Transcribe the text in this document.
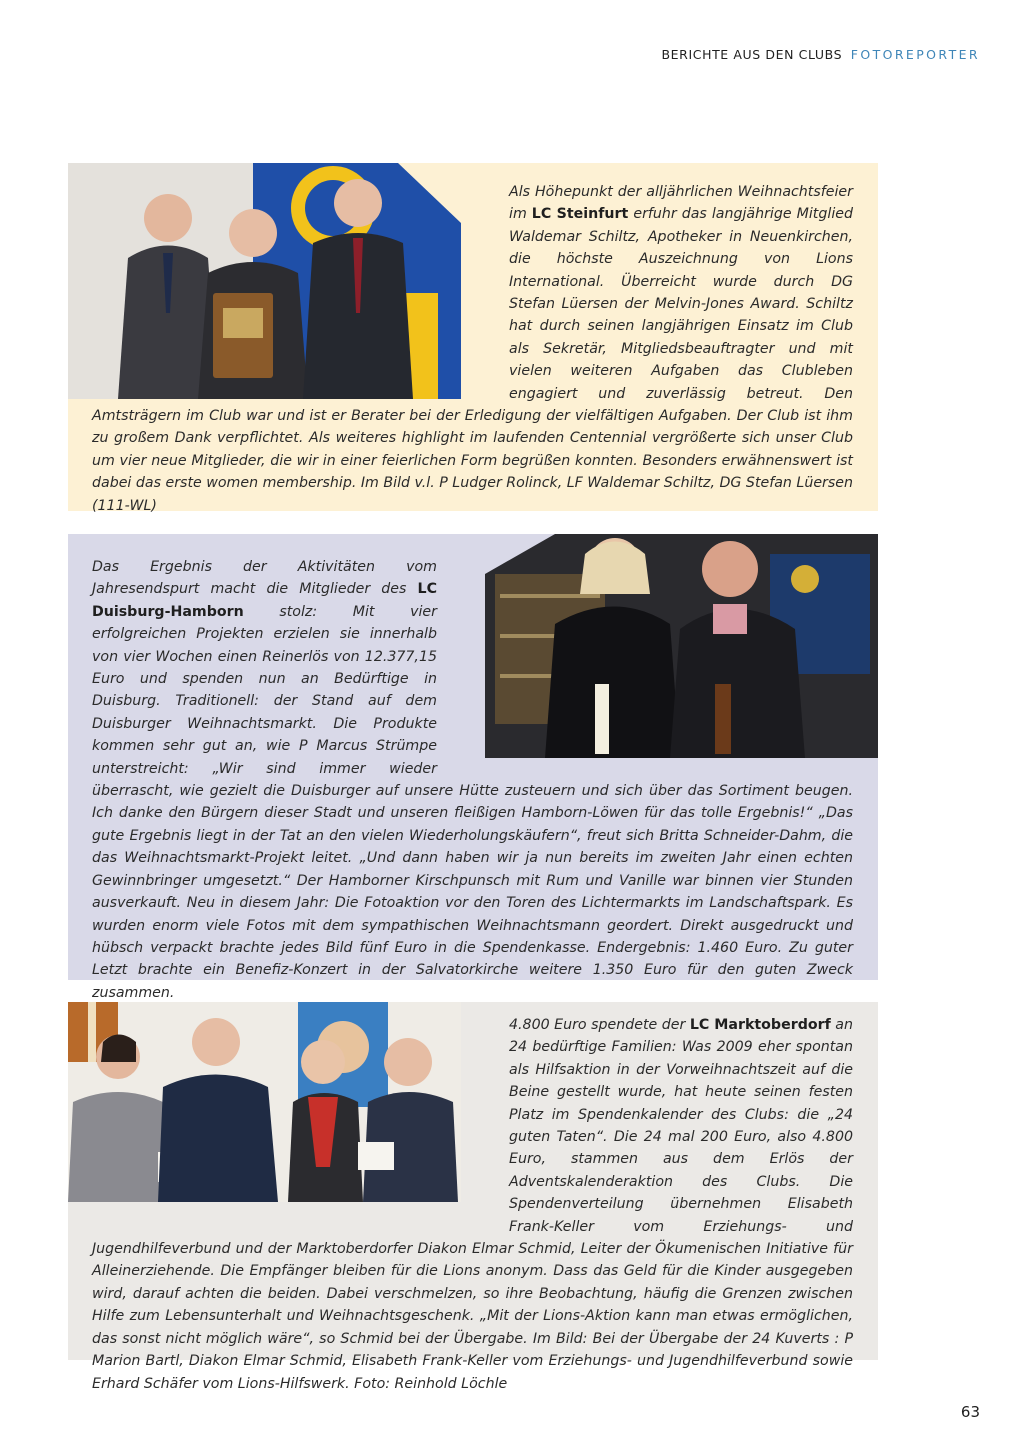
BERICHTE AUS DEN CLUBS FOTOREPORTER
Als Höhepunkt der alljährlichen Weihnachtsfeier im LC Steinfurt erfuhr das langjährige Mitglied Waldemar Schiltz, Apotheker in Neuenkirchen, die höchste Auszeichnung von Lions International. Überreicht wurde durch DG Stefan Lüersen der Melvin-Jones Award. Schiltz hat durch seinen langjährigen Einsatz im Club als Sekretär, Mitgliedsbeauftragter und mit vielen weiteren Aufgaben das Clubleben engagiert und zuverlässig betreut. Den Amtsträgern im Club war und ist er Berater bei der Erledigung der vielfältigen Aufgaben. Der Club ist ihm zu großem Dank verpflichtet. Als weiteres highlight im laufenden Centennial vergrößerte sich unser Club um vier neue Mitglieder, die wir in einer feierlichen Form begrüßen konnten. Besonders erwähnenswert ist dabei das erste women membership. Im Bild v.l. P Ludger Rolinck, LF Waldemar Schiltz, DG Stefan Lüersen (111-WL)
Das Ergebnis der Aktivitäten vom Jahresendspurt macht die Mitglieder des LC Duisburg-Hamborn stolz: Mit vier erfolgreichen Projekten erzielen sie innerhalb von vier Wochen einen Reinerlös von 12.377,15 Euro und spenden nun an Bedürftige in Duisburg. Traditionell: der Stand auf dem Duisburger Weihnachtsmarkt. Die Produkte kommen sehr gut an, wie P Marcus Strümpe unterstreicht: „Wir sind immer wieder überrascht, wie gezielt die Duisburger auf unsere Hütte zusteuern und sich über das Sortiment beugen. Ich danke den Bürgern dieser Stadt und unseren fleißigen Hamborn-Löwen für das tolle Ergebnis!“ „Das gute Ergebnis liegt in der Tat an den vielen Wiederholungskäufern“, freut sich Britta Schneider-Dahm, die das Weihnachtsmarkt-Projekt leitet. „Und dann haben wir ja nun bereits im zweiten Jahr einen echten Gewinnbringer umgesetzt.“ Der Hamborner Kirschpunsch mit Rum und Vanille war binnen vier Stunden ausverkauft. Neu in diesem Jahr: Die Fotoaktion vor den Toren des Lichtermarkts im Landschaftspark. Es wurden enorm viele Fotos mit dem sympathischen Weihnachtsmann geordert. Direkt ausgedruckt und hübsch verpackt brachte jedes Bild fünf Euro in die Spendenkasse. Endergebnis: 1.460 Euro. Zu guter Letzt brachte ein Benefiz-Konzert in der Salvatorkirche weitere 1.350 Euro für den guten Zweck zusammen.
4.800 Euro spendete der LC Marktoberdorf an 24 bedürftige Familien: Was 2009 eher spontan als Hilfsaktion in der Vorweihnachtszeit auf die Beine gestellt wurde, hat heute seinen festen Platz im Spendenkalender des Clubs: die „24 guten Taten“. Die 24 mal 200 Euro, also 4.800 Euro, stammen aus dem Erlös der Adventskalenderaktion des Clubs. Die Spendenverteilung übernehmen Elisabeth Frank-Keller vom Erziehungs- und Jugendhilfeverbund und der Marktoberdorfer Diakon Elmar Schmid, Leiter der Ökumenischen Initiative für Alleinerziehende. Die Empfänger bleiben für die Lions anonym. Dass das Geld für die Kinder ausgegeben wird, darauf achten die beiden. Dabei verschmelzen, so ihre Beobachtung, häufig die Grenzen zwischen Hilfe zum Lebensunterhalt und Weihnachtsgeschenk. „Mit der Lions-Aktion kann man etwas ermöglichen, das sonst nicht möglich wäre“, so Schmid bei der Übergabe. Im Bild: Bei der Übergabe der 24 Kuverts : P Marion Bartl, Diakon Elmar Schmid, Elisabeth Frank-Keller vom Erziehungs- und Jugendhilfeverbund sowie Erhard Schäfer vom Lions-Hilfswerk. Foto: Reinhold Löchle
63
